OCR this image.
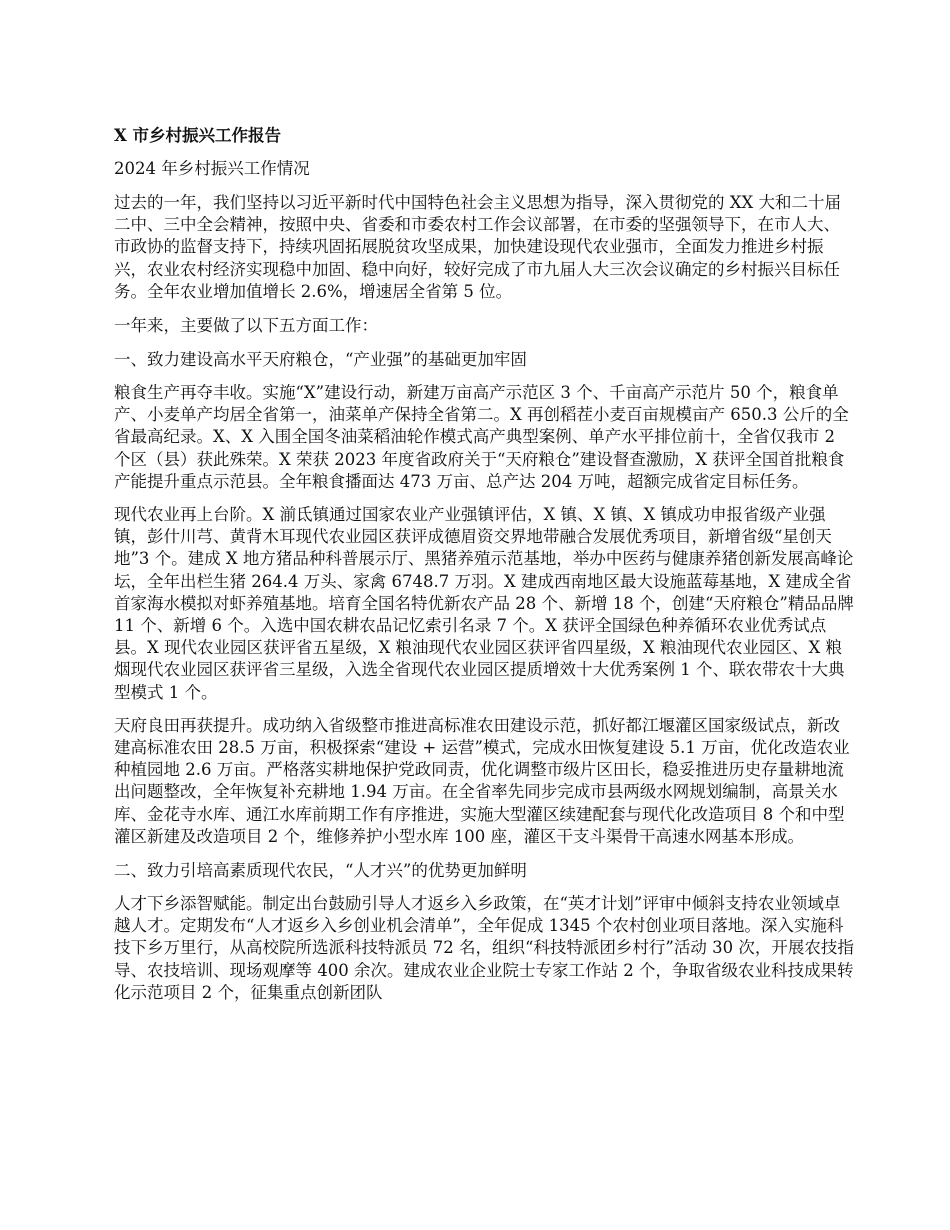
X 市乡村振兴工作报告
2024 年乡村振兴工作情况
过去的一年，我们坚持以习近平新时代中国特色社会主义思想为指导，深入贯彻党的 XX 大和二十届二中、三中全会精神，按照中央、省委和市委农村工作会议部署，在市委的坚强领导下，在市人大、市政协的监督支持下，持续巩固拓展脱贫攻坚成果，加快建设现代农业强市，全面发力推进乡村振兴，农业农村经济实现稳中加固、稳中向好，较好完成了市九届人大三次会议确定的乡村振兴目标任务。全年农业增加值增长 2.6%，增速居全省第 5 位。
一年来，主要做了以下五方面工作：
一、致力建设高水平天府粮仓，“产业强”的基础更加牢固
粮食生产再夺丰收。实施“X”建设行动，新建万亩高产示范区 3 个、千亩高产示范片 50 个，粮食单产、小麦单产均居全省第一，油菜单产保持全省第二。X 再创稻茬小麦百亩规模亩产 650.3 公斤的全省最高纪录。X、X 入围全国冬油菜稻油轮作模式高产典型案例、单产水平排位前十，全省仅我市 2 个区（县）获此殊荣。X 荣获 2023 年度省政府关于“天府粮仓”建设督查激励，X 获评全国首批粮食产能提升重点示范县。全年粮食播面达 473 万亩、总产达 204 万吨，超额完成省定目标任务。
现代农业再上台阶。X 湔氐镇通过国家农业产业强镇评估，X 镇、X 镇、X 镇成功申报省级产业强镇，彭什川芎、黄背木耳现代农业园区获评成德眉资交界地带融合发展优秀项目，新增省级“星创天地”3 个。建成 X 地方猪品种科普展示厅、黑猪养殖示范基地，举办中医药与健康养猪创新发展高峰论坛，全年出栏生猪 264.4 万头、家禽 6748.7 万羽。X 建成西南地区最大设施蓝莓基地，X 建成全省首家海水模拟对虾养殖基地。培育全国名特优新农产品 28 个、新增 18 个，创建“天府粮仓”精品品牌 11 个、新增 6 个。入选中国农耕农品记忆索引名录 7 个。X 获评全国绿色种养循环农业优秀试点县。X 现代农业园区获评省五星级，X 粮油现代农业园区获评省四星级，X 粮油现代农业园区、X 粮烟现代农业园区获评省三星级，入选全省现代农业园区提质增效十大优秀案例 1 个、联农带农十大典型模式 1 个。
天府良田再获提升。成功纳入省级整市推进高标准农田建设示范，抓好都江堰灌区国家级试点，新改建高标准农田 28.5 万亩，积极探索“建设 + 运营”模式，完成水田恢复建设 5.1 万亩，优化改造农业种植园地 2.6 万亩。严格落实耕地保护党政同责，优化调整市级片区田长，稳妥推进历史存量耕地流出问题整改，全年恢复补充耕地 1.94 万亩。在全省率先同步完成市县两级水网规划编制，高景关水库、金花寺水库、通江水库前期工作有序推进，实施大型灌区续建配套与现代化改造项目 8 个和中型灌区新建及改造项目 2 个，维修养护小型水库 100 座，灌区干支斗渠骨干高速水网基本形成。
二、致力引培高素质现代农民，“人才兴”的优势更加鲜明
人才下乡添智赋能。制定出台鼓励引导人才返乡入乡政策，在“英才计划”评审中倾斜支持农业领域卓越人才。定期发布“人才返乡入乡创业机会清单”，全年促成 1345 个农村创业项目落地。深入实施科技下乡万里行，从高校院所选派科技特派员 72 名，组织“科技特派团乡村行”活动 30 次，开展农技指导、农技培训、现场观摩等 400 余次。建成农业企业院士专家工作站 2 个，争取省级农业科技成果转化示范项目 2 个，征集重点创新团队
